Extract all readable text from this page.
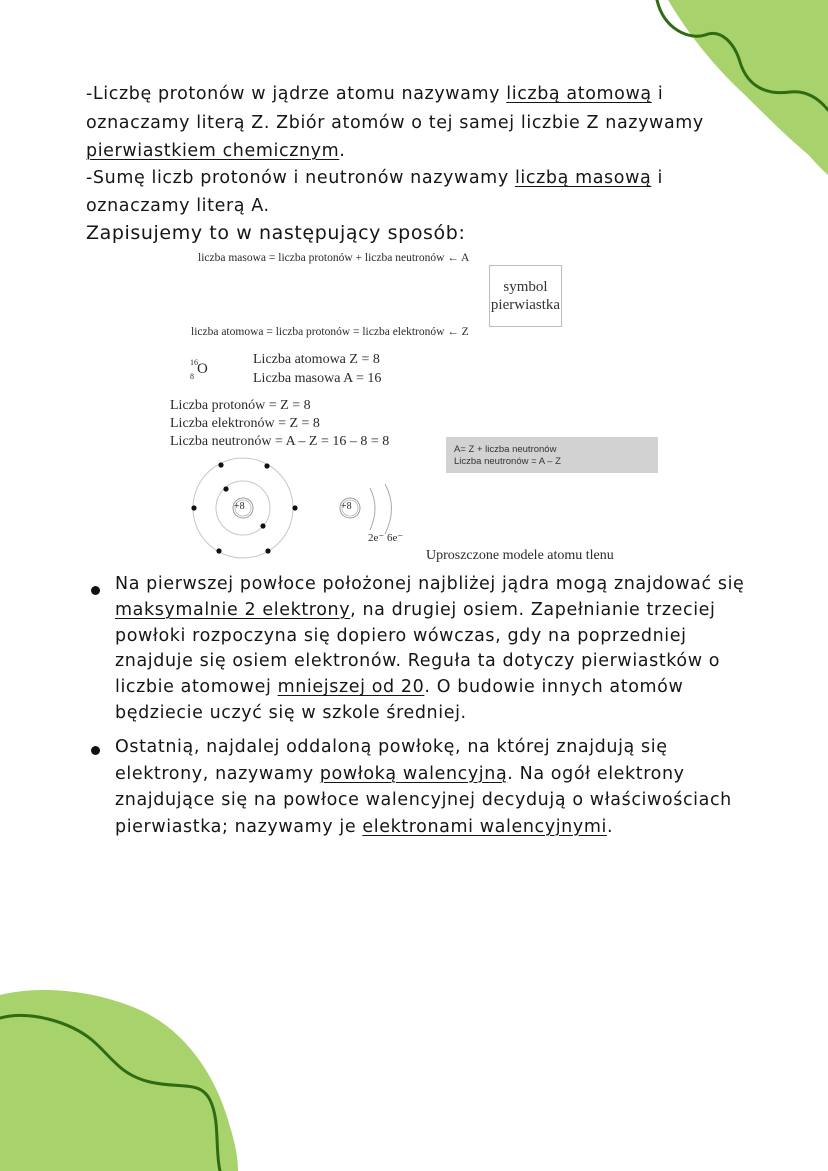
-Liczbę protonów w jądrze atomu nazywamy liczbą atomową i
oznaczamy literą Z. Zbiór atomów o tej samej liczbie Z nazywamy
pierwiastkiem chemicznym.
-Sumę liczb protonów i neutronów nazywamy liczbą masową i
oznaczamy literą A.
Zapisujemy to w następujący sposób:
liczba masowa = liczba protonów + liczba neutronów ← A
symbol
pierwiastka
liczba atomowa = liczba protonów = liczba elektronów ← Z
16
8 O
Liczba atomowa Z = 8
Liczba masowa A = 16
Liczba protonów = Z = 8
Liczba elektronów = Z = 8
Liczba neutronów = A – Z = 16 – 8 = 8
A= Z + liczba neutronów
Liczba neutronów = A – Z
+8	+8
2e⁻ 6e⁻
Uproszczone modele atomu tlenu
Na pierwszej powłoce położonej najbliżej jądra mogą znajdować się
maksymalnie 2 elektrony, na drugiej osiem. Zapełnianie trzeciej
powłoki rozpoczyna się dopiero wówczas, gdy na poprzedniej
znajduje się osiem elektronów. Reguła ta dotyczy pierwiastków o
liczbie atomowej mniejszej od 20. O budowie innych atomów
będziecie uczyć się w szkole średniej.
Ostatnią, najdalej oddaloną powłokę, na której znajdują się
elektrony, nazywamy powłoką walencyjną. Na ogół elektrony
znajdujące się na powłoce walencyjnej decydują o właściwościach
pierwiastka; nazywamy je elektronami walencyjnymi.
